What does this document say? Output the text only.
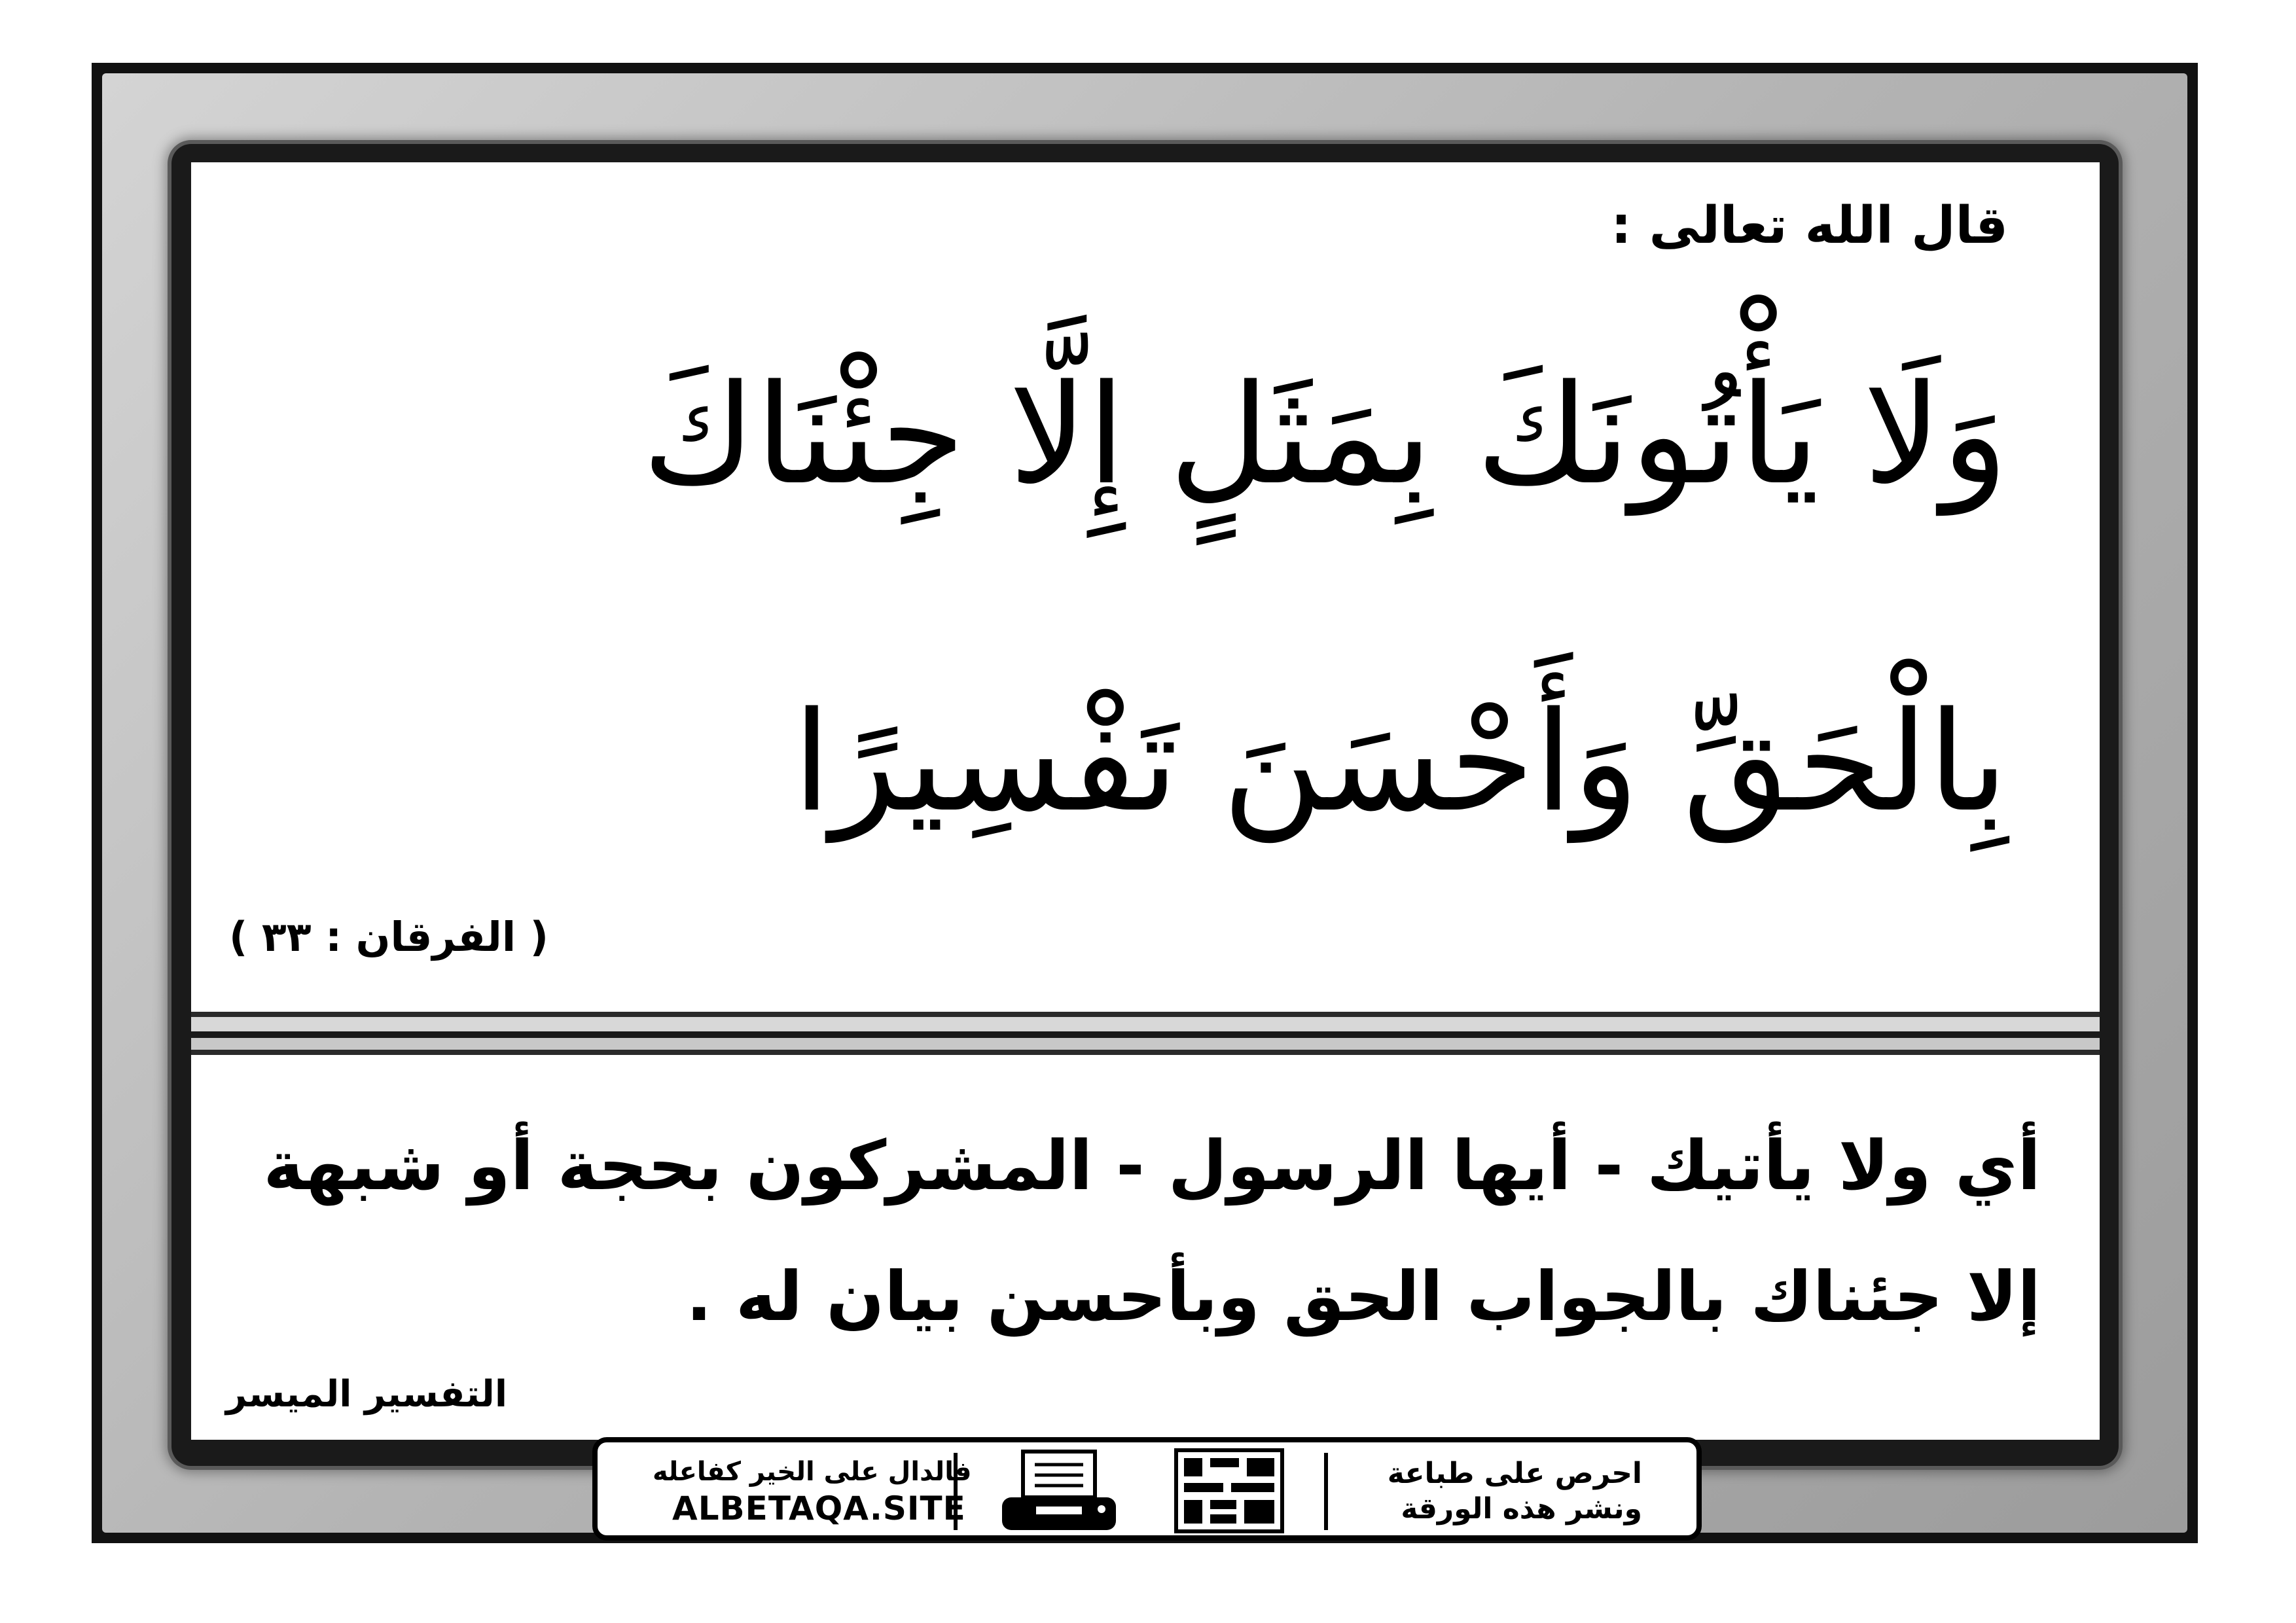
قال الله تعالى :
وَلَا يَأْتُونَكَ بِمَثَلٍ إِلَّا جِئْنَاكَ
بِالْحَقِّ وَأَحْسَنَ تَفْسِيرًا
( الفرقان : ٣٣ )
أي ولا يأتيك - أيها الرسول - المشركون بحجة أو شبهة
إلا جئناك بالجواب الحق وبأحسن بيان له .
التفسير الميسر
فالدال على الخير كفاعله
ALBETAQA.SITE
احرص على طباعة
ونشر هذه الورقة
